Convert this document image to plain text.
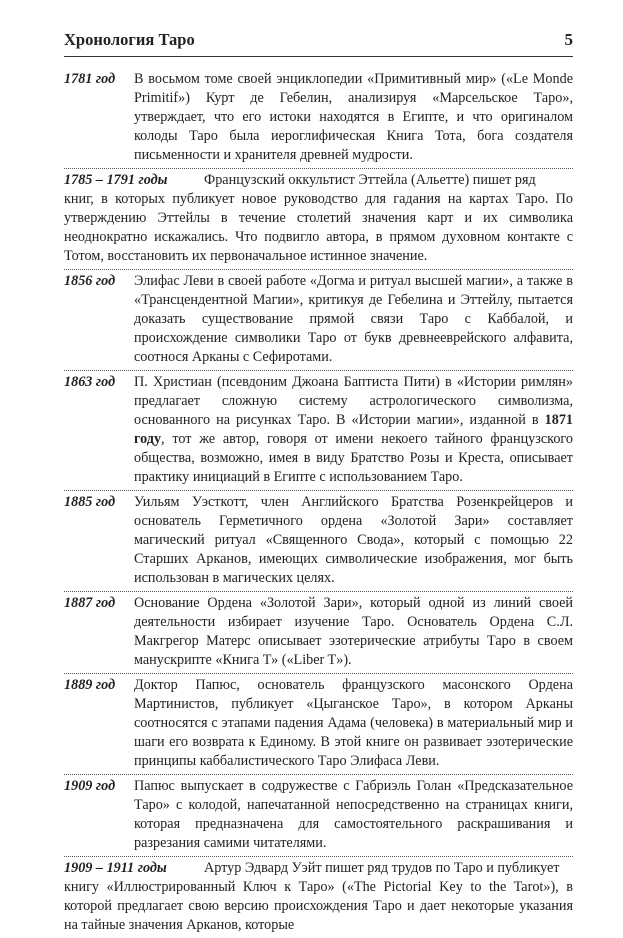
Хронология Таро	5
1781 год	В восьмом томе своей энциклопедии «Примитивный мир» («Le Monde Primitif») Курт де Гебелин, анализируя «Марсельское Таро», утверждает, что его истоки находятся в Египте, и что оригиналом колоды Таро была иероглифическая Книга Тота, бога создателя письменности и хранителя древней мудрости.
1785 – 1791 годы	Французский оккультист Эттейла (Альетте) пишет ряд
книг, в которых публикует новое руководство для гадания на картах Таро. По утверждению Эттейлы в течение столетий значения карт и их символика неоднократно искажались. Что подвигло автора, в прямом духовном контакте с Тотом, восстановить их первоначальное истинное значение.
1856 год	Элифас Леви в своей работе «Догма и ритуал высшей магии», а также в «Трансцендентной Магии», критикуя де Гебелина и Эттейлу, пытается доказать существование прямой связи Таро с Каббалой, и происхождение символики Таро от букв древнееврейского алфавита, соотнося Арканы с Сефиротами.
1863 год	П. Христиан (псевдоним Джоана Баптиста Пити) в «Истории римлян» предлагает сложную систему астрологического символизма, основанного на рисунках Таро. В «Истории магии», изданной в 1871 году, тот же автор, говоря от имени некоего тайного французского общества, возможно, имея в виду Братство Розы и Креста, описывает практику инициаций в Египте с использованием Таро.
1885 год	Уильям Уэсткотт, член Английского Братства Розенкрейцеров и основатель Герметичного ордена «Золотой Зари» составляет магический ритуал «Священного Свода», который с помощью 22 Старших Арканов, имеющих символические изображения, мог быть использован в магических целях.
1887 год	Основание Ордена «Золотой Зари», который одной из линий своей деятельности избирает изучение Таро. Основатель Ордена С.Л. Макгрегор Матерс описывает эзотерические атрибуты Таро в своем манускрипте «Книга Т» («Liber T»).
1889 год	Доктор Папюс, основатель французского масонского Ордена Мартинистов, публикует «Цыганское Таро», в котором Арканы соотносятся с этапами падения Адама (человека) в материальный мир и шаги его возврата к Единому. В этой книге он развивает эзотерические принципы каббалистического Таро Элифаса Леви.
1909 год	Папюс выпускает в содружестве с Габриэль Голан «Предсказательное Таро» с колодой, напечатанной непосредственно на страницах книги, которая предназначена для самостоятельного раскрашивания и разрезания самими читателями.
1909 – 1911 годы	Артур Эдвард Уэйт пишет ряд трудов по Таро и публикует
книгу «Иллюстрированный Ключ к Таро» («The Pictorial Key to the Tarot»), в которой предлагает свою версию происхождения Таро и дает некоторые указания на тайные значения Арканов, которые
